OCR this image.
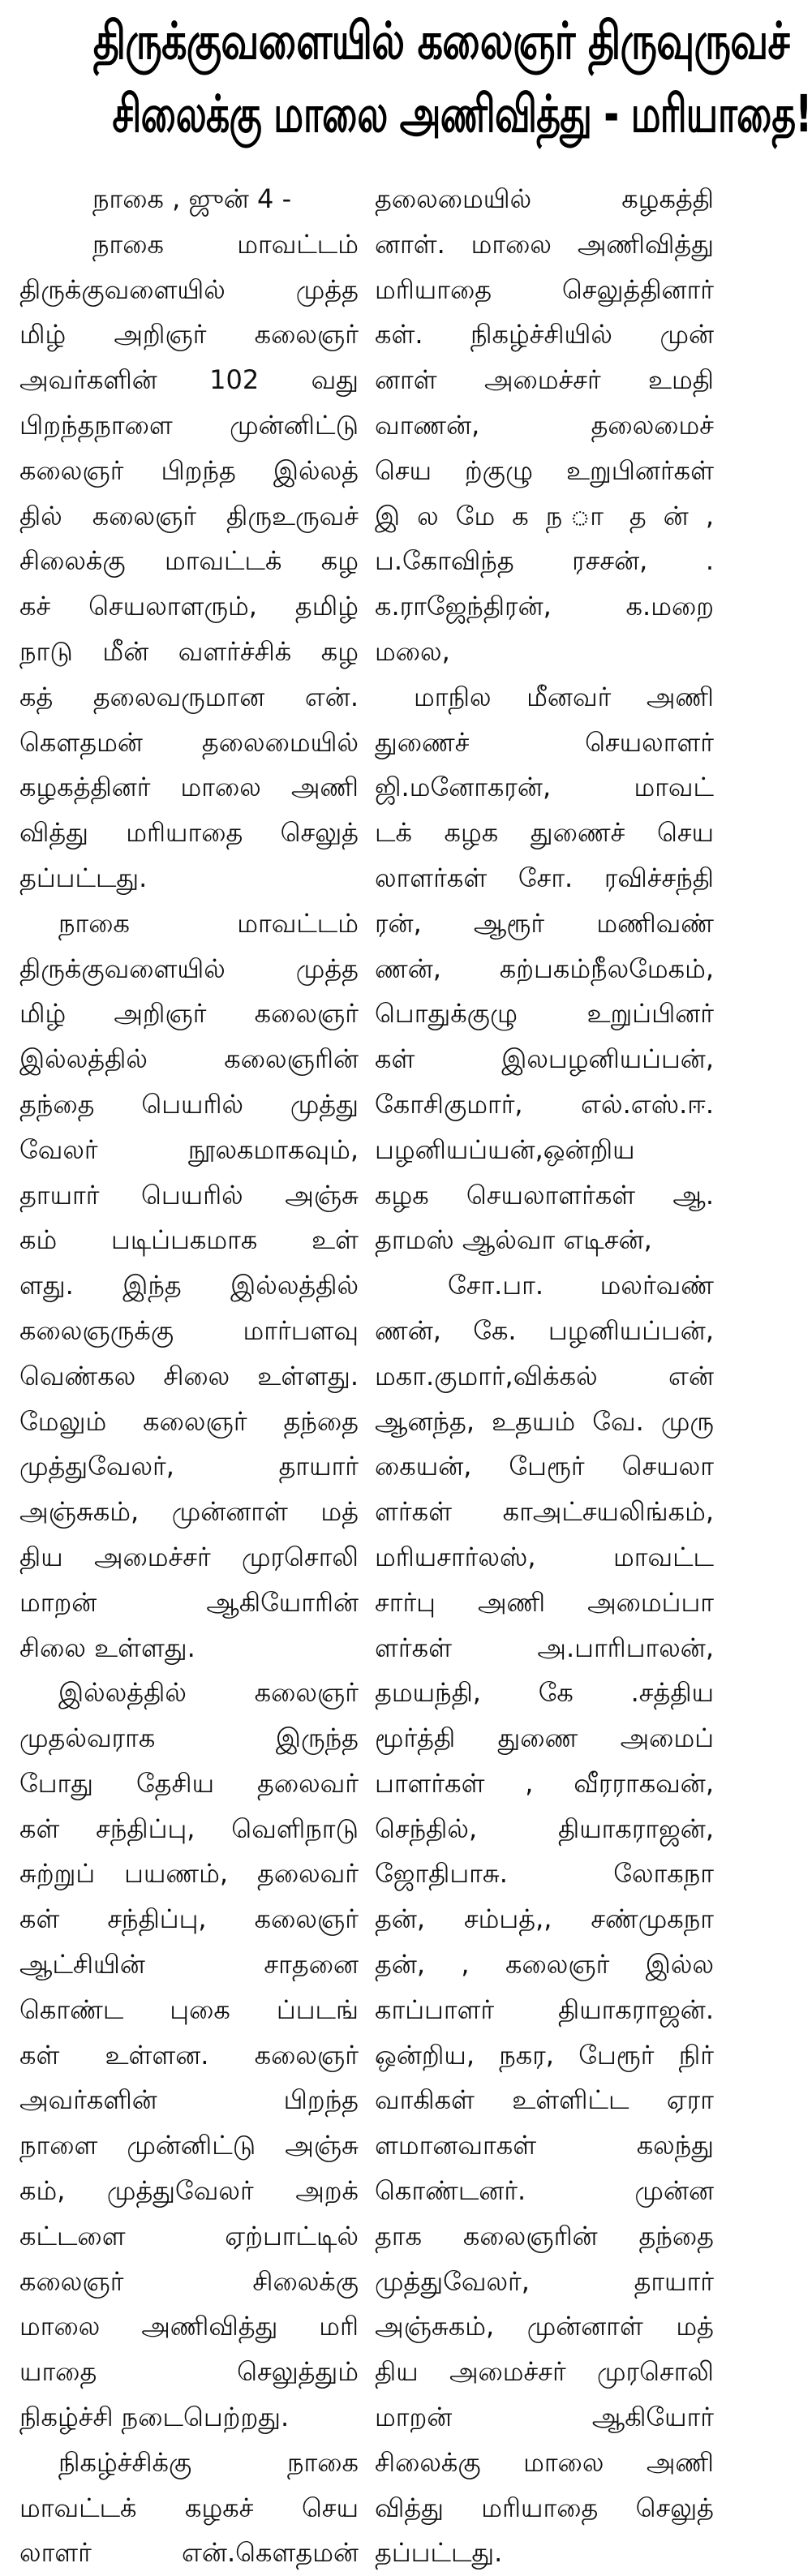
திருக்குவளையில் கலைஞர் திருவுருவச்
சிலைக்கு மாலை அணிவித்து - மரியாதை!
நாகை , ஜுன் 4 -
நாகை மாவட்டம்
திருக்குவளையில் முத்த
மிழ் அறிஞர் கலைஞர்
அவர்களின் 102 வது
பிறந்தநாளை முன்னிட்டு
கலைஞர் பிறந்த இல்லத்
தில் கலைஞர் திருஉருவச்
சிலைக்கு மாவட்டக் கழ
கச் செயலாளரும், தமிழ்
நாடு மீன் வளர்ச்சிக் கழ
கத் தலைவருமான என்.
கௌதமன் தலைமையில்
கழகத்தினர் மாலை அணி
வித்து மரியாதை செலுத்
தப்பட்டது.
நாகை மாவட்டம்
திருக்குவளையில் முத்த
மிழ் அறிஞர் கலைஞர்
இல்லத்தில் கலைஞரின்
தந்தை பெயரில் முத்து
வேலர் நூலகமாகவும்,
தாயார் பெயரில் அஞ்சு
கம் படிப்பகமாக உள்
ளது. இந்த இல்லத்தில்
கலைஞருக்கு மார்பளவு
வெண்கல சிலை உள்ளது.
மேலும் கலைஞர் தந்தை
முத்துவேலர், தாயார்
அஞ்சுகம், முன்னாள் மத்
திய அமைச்சர் முரசொலி
மாறன் ஆகியோரின்
சிலை உள்ளது.
இல்லத்தில் கலைஞர்
முதல்வராக இருந்த
போது தேசிய தலைவர்
கள் சந்திப்பு, வெளிநாடு
சுற்றுப் பயணம், தலைவர்
கள் சந்திப்பு, கலைஞர்
ஆட்சியின் சாதனை
கொண்ட புகை ப்படங்
கள் உள்ளன. கலைஞர்
அவர்களின் பிறந்த
நாளை முன்னிட்டு அஞ்சு
கம், முத்துவேலர் அறக்
கட்டளை ஏற்பாட்டில்
கலைஞர் சிலைக்கு
மாலை அணிவித்து மரி
யாதை செலுத்தும்
நிகழ்ச்சி நடைபெற்றது.
நிகழ்ச்சிக்கு நாகை
மாவட்டக் கழகச் செய
லாளர் என்.கௌதமன்
தலைமையில் கழகத்தி
னாள். மாலை அணிவித்து
மரியாதை செலுத்தினார்
கள். நிகழ்ச்சியில் முன்
னாள் அமைச்சர் உமதி
வாணன், தலைமைச்
செய ற்குழு உறுபினர்கள்
இ ல மே க ந ா த ன் ,
ப.கோவிந்த ரசசன், .
க.ராஜேந்திரன், க.மறை
மலை,
மாநில மீனவர் அணி
துணைச் செயலாளர்
ஜி.மனோகரன், மாவட்
டக் கழக துணைச் செய
லாளர்கள் சோ. ரவிச்சந்தி
ரன், ஆரூர் மணிவண்
ணன், கற்பகம்நீலமேகம்,
பொதுக்குழு உறுப்பினர்
கள் இலபழனியப்பன்,
கோசிகுமார், எல்.எஸ்.ஈ.
பழனியப்யன்,ஒன்றிய
கழக செயலாளர்கள் ஆ.
தாமஸ் ஆல்வா எடிசன்,
சோ.பா. மலர்வண்
ணன், கே. பழனியப்பன்,
மகா.குமார்,விக்கல் என்
ஆனந்த, உதயம் வே. முரு
கையன், பேரூர் செயலா
ளர்கள் காஅட்சயலிங்கம்,
மரியசார்லஸ், மாவட்ட
சார்பு அணி அமைப்பா
ளர்கள் அ.பாரிபாலன்,
தமயந்தி, கே .சத்திய
மூர்த்தி துணை அமைப்
பாளர்கள் , வீரராகவன்,
செந்தில், தியாகராஜன்,
ஜோதிபாசு. லோகநா
தன், சம்பத்,, சண்முகநா
தன், , கலைஞர் இல்ல
காப்பாளர் தியாகராஜன்.
ஒன்றிய, நகர, பேரூர் நிர்
வாகிகள் உள்ளிட்ட ஏரா
ளமானவாகள் கலந்து
கொண்டனர். முன்ன
தாக கலைஞரின் தந்தை
முத்துவேலர், தாயார்
அஞ்சுகம், முன்னாள் மத்
திய அமைச்சர் முரசொலி
மாறன் ஆகியோர்
சிலைக்கு மாலை அணி
வித்து மரியாதை செலுத்
தப்பட்டது.
